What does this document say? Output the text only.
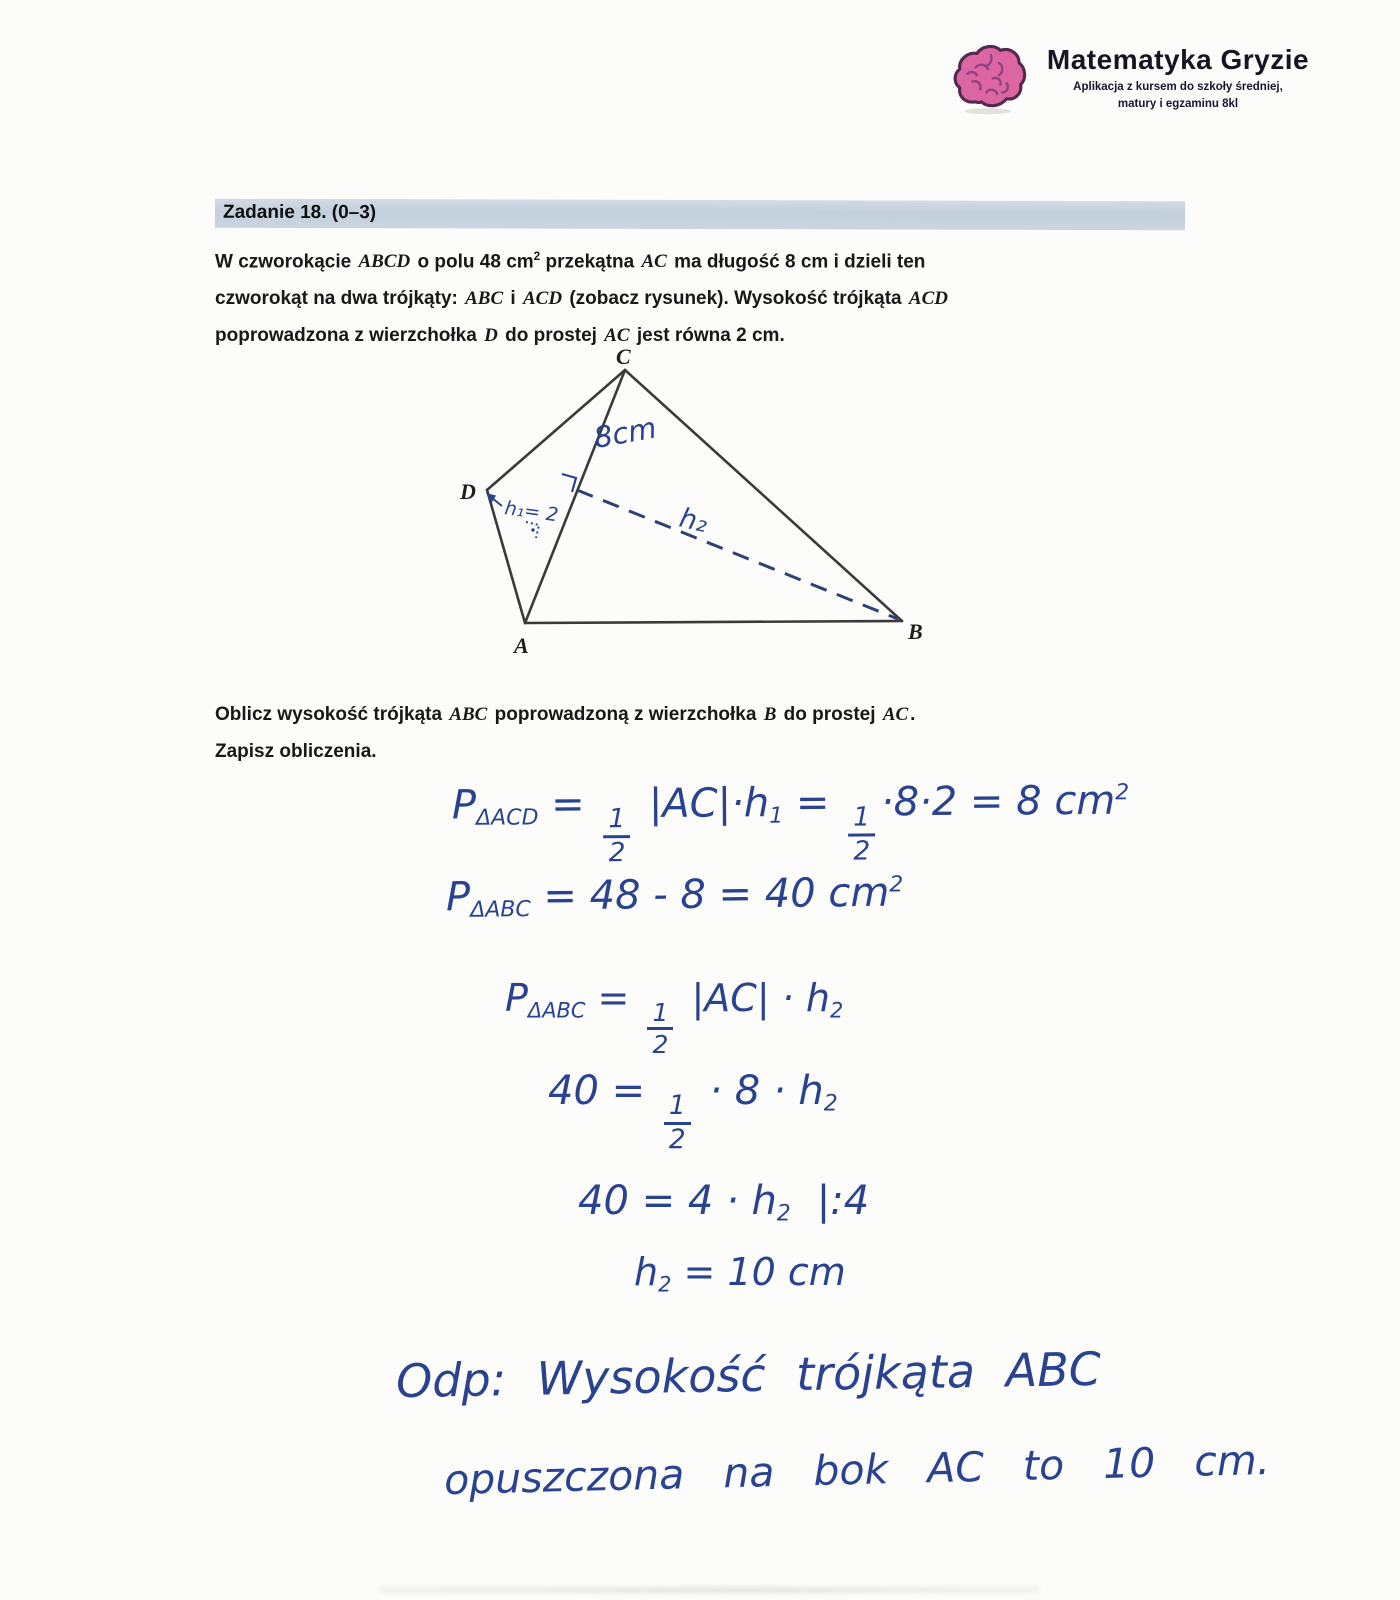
Matematyka Gryzie
Aplikacja z kursem do szkoły średniej,
matury i egzaminu 8kl
Zadanie 18. (0–3)
W czworokącie ABCD o polu 48 $cm^2$ przekątna AC ma długość 8 cm i dzieli ten
czworokąt na dwa trójkąty: ABC i ACD (zobacz rysunek). Wysokość trójkąta ACD
poprowadzona z wierzchołka D do prostej AC jest równa 2 cm.
A
B
C
D
8cm
h₁= 2	h₂
Oblicz wysokość trójkąta ABC poprowadzoną z wierzchołka B do prostej AC .
Zapisz obliczenia.
$P_{\Delta ACD}$ =
$\frac{1}{2}$
$|AC|\cdot h_1$ =
$\frac{1}{2}$
·8·2 = 8 $cm^2$
$P_{\Delta ABC} = 48 - 8 = 40$ $cm^2$
$P_{\Delta ABC}$ =
$\frac{1}{2}$
$|AC| \cdot h_2$
40 =
$\frac{1}{2}$
· $8 \cdot h_2$
$40 = 4 \cdot h_2$ |:4
$h_2 = 10$ cm
Odp: Wysokość trójkąta ABC
opuszczona na bok AC to 10 cm.
